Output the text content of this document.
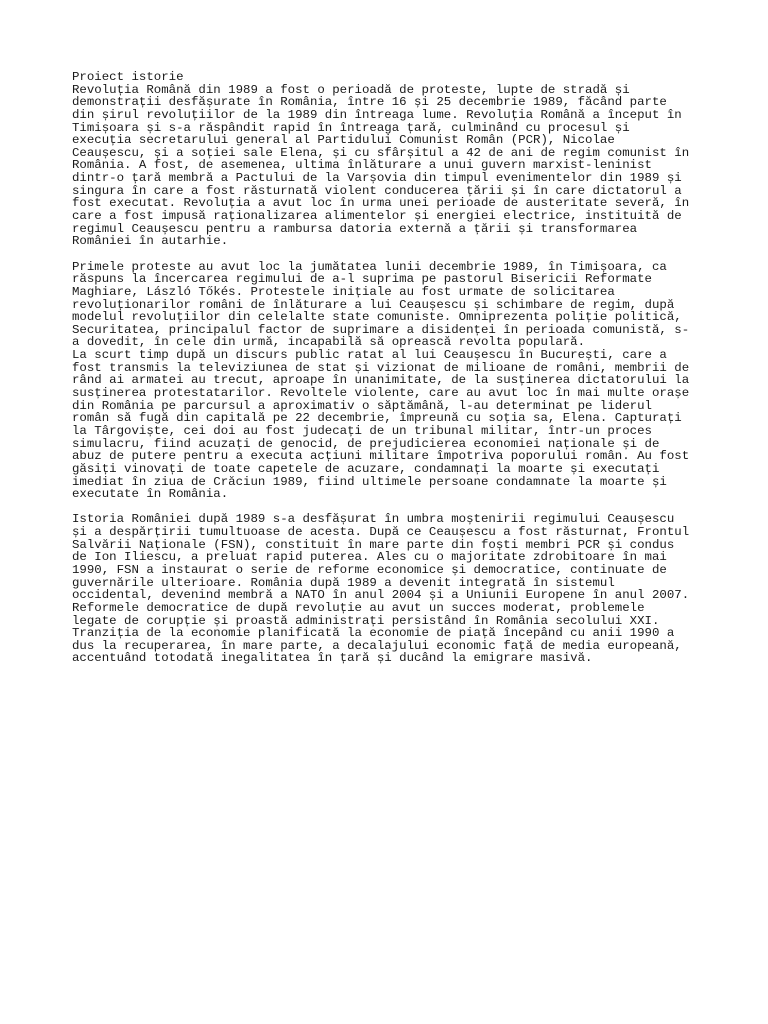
Proiect istorie
Revoluția Română din 1989 a fost o perioadă de proteste, lupte de stradă și
demonstrații desfășurate în România, între 16 și 25 decembrie 1989, făcând parte
din șirul revoluțiilor de la 1989 din întreaga lume. Revoluția Română a început în
Timișoara și s-a răspândit rapid în întreaga țară, culminând cu procesul și
execuția secretarului general al Partidului Comunist Român (PCR), Nicolae
Ceaușescu, și a soției sale Elena, și cu sfârșitul a 42 de ani de regim comunist în
România. A fost, de asemenea, ultima înlăturare a unui guvern marxist-leninist
dintr-o țară membră a Pactului de la Varșovia din timpul evenimentelor din 1989 și
singura în care a fost răsturnată violent conducerea țării și în care dictatorul a
fost executat. Revoluția a avut loc în urma unei perioade de austeritate severă, în
care a fost impusă raționalizarea alimentelor și energiei electrice, instituită de
regimul Ceaușescu pentru a rambursa datoria externă a țării și transformarea
României în autarhie.
Primele proteste au avut loc la jumătatea lunii decembrie 1989, în Timișoara, ca
răspuns la încercarea regimului de a-l suprima pe pastorul Bisericii Reformate
Maghiare, László Tőkés. Protestele inițiale au fost urmate de solicitarea
revoluționarilor români de înlăturare a lui Ceaușescu și schimbare de regim, după
modelul revoluțiilor din celelalte state comuniste. Omniprezenta poliție politică,
Securitatea, principalul factor de suprimare a disidenței în perioada comunistă, s-
a dovedit, în cele din urmă, incapabilă să oprească revolta populară.
La scurt timp după un discurs public ratat al lui Ceaușescu în București, care a
fost transmis la televiziunea de stat și vizionat de milioane de români, membrii de
rând ai armatei au trecut, aproape în unanimitate, de la susținerea dictatorului la
susținerea protestatarilor. Revoltele violente, care au avut loc în mai multe orașe
din România pe parcursul a aproximativ o săptămână, l-au determinat pe liderul
român să fugă din capitală pe 22 decembrie, împreună cu soția sa, Elena. Capturați
la Târgoviște, cei doi au fost judecați de un tribunal militar, într-un proces
simulacru, fiind acuzați de genocid, de prejudicierea economiei naționale și de
abuz de putere pentru a executa acțiuni militare împotriva poporului român. Au fost
găsiți vinovați de toate capetele de acuzare, condamnați la moarte și executați
imediat în ziua de Crăciun 1989, fiind ultimele persoane condamnate la moarte și
executate în România.
Istoria României după 1989 s-a desfășurat în umbra moștenirii regimului Ceaușescu
și a despărțirii tumultuoase de acesta. După ce Ceaușescu a fost răsturnat, Frontul
Salvării Naționale (FSN), constituit în mare parte din foști membri PCR și condus
de Ion Iliescu, a preluat rapid puterea. Ales cu o majoritate zdrobitoare în mai
1990, FSN a instaurat o serie de reforme economice și democratice, continuate de
guvernările ulterioare. România după 1989 a devenit integrată în sistemul
occidental, devenind membră a NATO în anul 2004 și a Uniunii Europene în anul 2007.
Reformele democratice de după revoluție au avut un succes moderat, problemele
legate de corupție și proastă administrați persistând în România secolului XXI.
Tranziția de la economie planificată la economie de piață începând cu anii 1990 a
dus la recuperarea, în mare parte, a decalajului economic față de media europeană,
accentuând totodată inegalitatea în țară și ducând la emigrare masivă.
